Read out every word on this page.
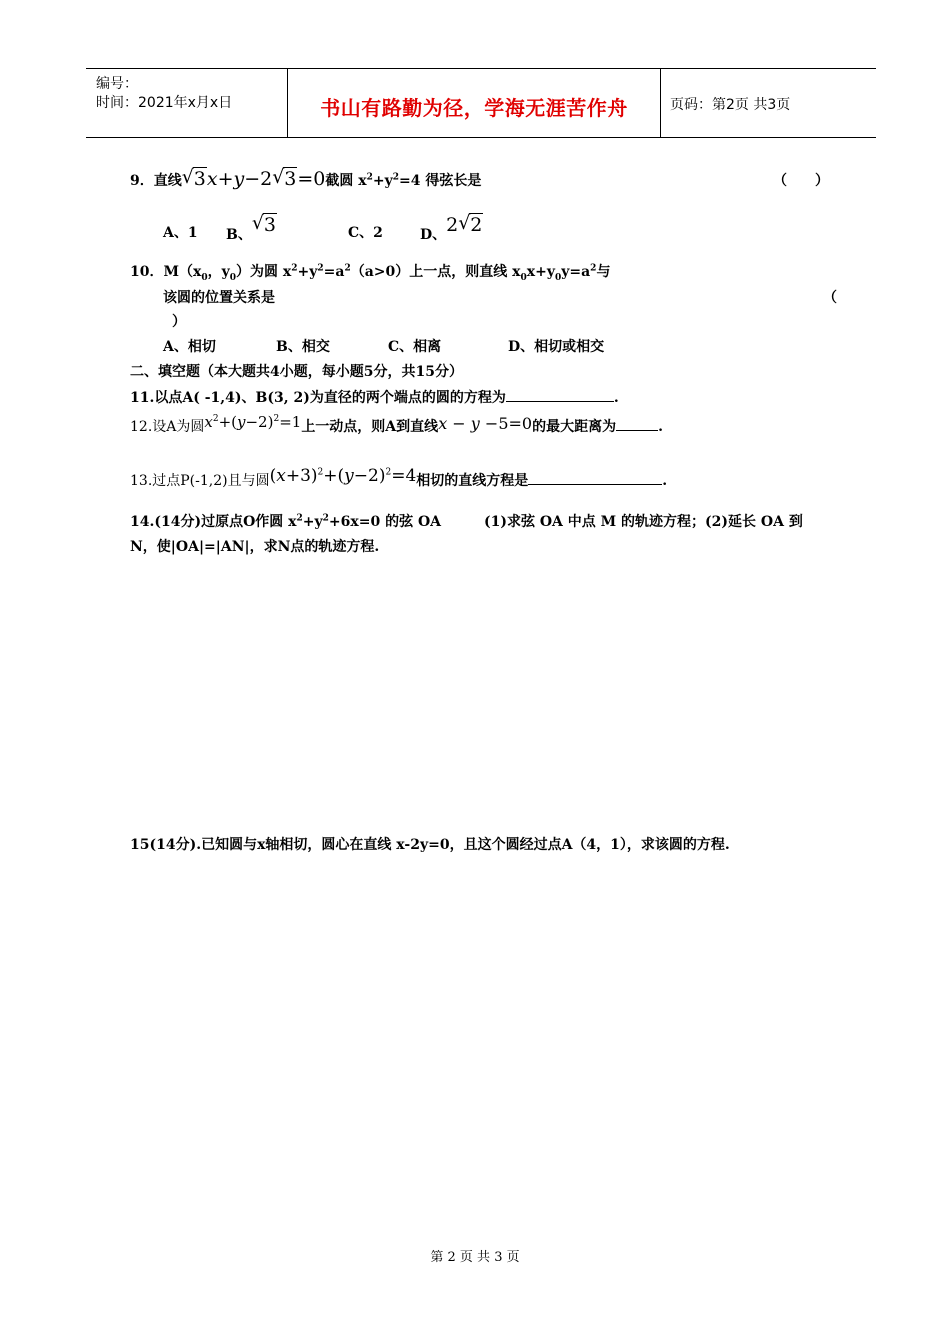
编号：
时间：2021年x月x日	书山有路勤为径，学海无涯苦作舟	页码：第2页 共3页
9．直线 √ 3x+y−2 √ 3=0截圆 $x^2+y^2=4$ 得弦长是	（　　）
A、1 B、
√ 3	C、2	D、2 √ 2
10．$M(x_0$，$y_0$）为圆 $x^2+y^2=a^2(a>0)$上一点，则直线 $x_0x+y_0y=a^2$与
该圆的位置关系是	（
）
A、相切	B、相交	C、相离	D、相切或相交
二、填空题（本大题共4小题，每小题5分，共15分）
11.以点A( -1,4)、B(3, 2)为直径的两个端点的圆的方程为	.
12.设A为圆$x^2+(y-2)^2=1$上一动点，则A到直线x − y −5=0的最大距离为	.
13.过点P(-1,2)且与圆$(x+3)^2+(y-2)^2=4$相切的直线方程是	.
14.(14分)过原点O作圆 $x^2+y^2+6x=0$ 的弦 OA	(1)求弦 OA 中点 M 的轨迹方程；(2)延长 OA 到
N，使|OA|=|AN|，求N点的轨迹方程.
15(14分).已知圆与x轴相切，圆心在直线 x-2y=0，且这个圆经过点A（4，1），求该圆的方程.
第 2 页 共 3 页
